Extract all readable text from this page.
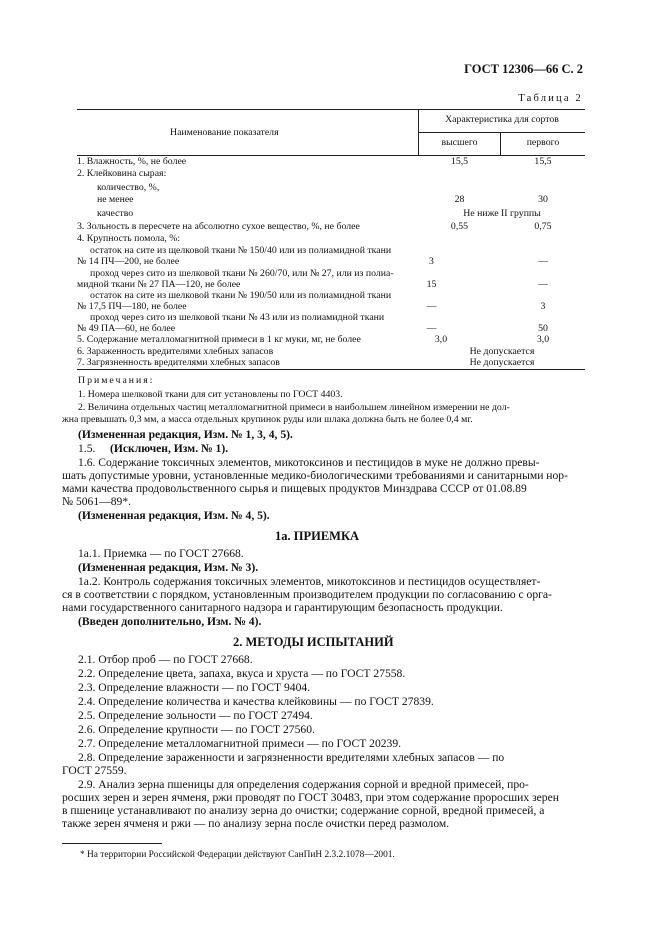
ГОСТ 12306—66 С. 2
Таблица 2
Наименование показателя
Характеристика для сортов
высшего	первого
1. Влажность, %, не более	15,5	15,5
2. Клейковина сырая:
количество, %,
не менее	28	30
качество	Не ниже II группы
3. Зольность в пересчете на абсолютно сухое вещество, %, не более	0,55	0,75
4. Крупность помола, %:
остаток на сите из щелковой ткани № 150/40 или из полиамидной ткани
№ 14 ПЧ—200, не более	3	—
проход через сито из шелковой ткани № 260/70, или № 27, или из полиа-
мидной ткани № 27 ПА—120, не более	15	—
остаток на сите из шелковой ткани № 190/50 или из полиамидной ткани
№ 17,5 ПЧ—180, не более	—	3
проход через сито из шелковой ткани № 43 или из полиамидной ткани
№ 49 ПА—60, не более	—	50
5. Содержание металломагнитной примеси в 1 кг муки, мг, не более	3,0	3,0
6. Зараженность вредителями хлебных запасов	Не допускается
7. Загрязненность вредителями хлебных запасов	Не допускается
Примечания:
1. Номера шелковой ткани для сит установлены по ГОСТ 4403.
2. Величина отдельных частиц металломагнитной примеси в наибольшем линейном измерении не дол-
жна превышать 0,3 мм, а масса отдельных крупинок руды или шлака должна быть не более 0,4 мг.
(Измененная редакция, Изм. № 1, 3, 4, 5).
1.5. (Исключен, Изм. № 1).
1.6. Содержание токсичных элементов, микотоксинов и пестицидов в муке не должно превы-
шать допустимые уровни, установленные медико-биологическими требованиями и санитарными нор-
мами качества продовольственного сырья и пищевых продуктов Минздрава СССР от 01.08.89
№ 5061—89*.
(Измененная редакция, Изм. № 4, 5).
1а. ПРИЕМКА
1а.1. Приемка — по ГОСТ 27668.
(Измененная редакция, Изм. № 3).
1а.2. Контроль содержания токсичных элементов, микотоксинов и пестицидов осуществляет-
ся в соответствии с порядком, установленным производителем продукции по согласованию с орга-
нами государственного санитарного надзора и гарантирующим безопасность продукции.
(Введен дополнительно, Изм. № 4).
2. МЕТОДЫ ИСПЫТАНИЙ
2.1. Отбор проб — по ГОСТ 27668.
2.2. Определение цвета, запаха, вкуса и хруста — по ГОСТ 27558.
2.3. Определение влажности — по ГОСТ 9404.
2.4. Определение количества и качества клейковины — по ГОСТ 27839.
2.5. Определение зольности — по ГОСТ 27494.
2.6. Определение крупности — по ГОСТ 27560.
2.7. Определение металломагнитной примеси — по ГОСТ 20239.
2.8. Определение зараженности и загрязненности вредителями хлебных запасов — по
ГОСТ 27559.
2.9. Анализ зерна пшеницы для определения содержания сорной и вредной примесей, про-
росших зерен и зерен ячменя, ржи проводят по ГОСТ 30483, при этом содержание проросших зерен
в пшенице устанавливают по анализу зерна до очистки; содержание сорной, вредной примесей, а
также зерен ячменя и ржи — по анализу зерна после очистки перед размолом.
* На территории Российской Федерации действуют СанПиН 2.3.2.1078—2001.
